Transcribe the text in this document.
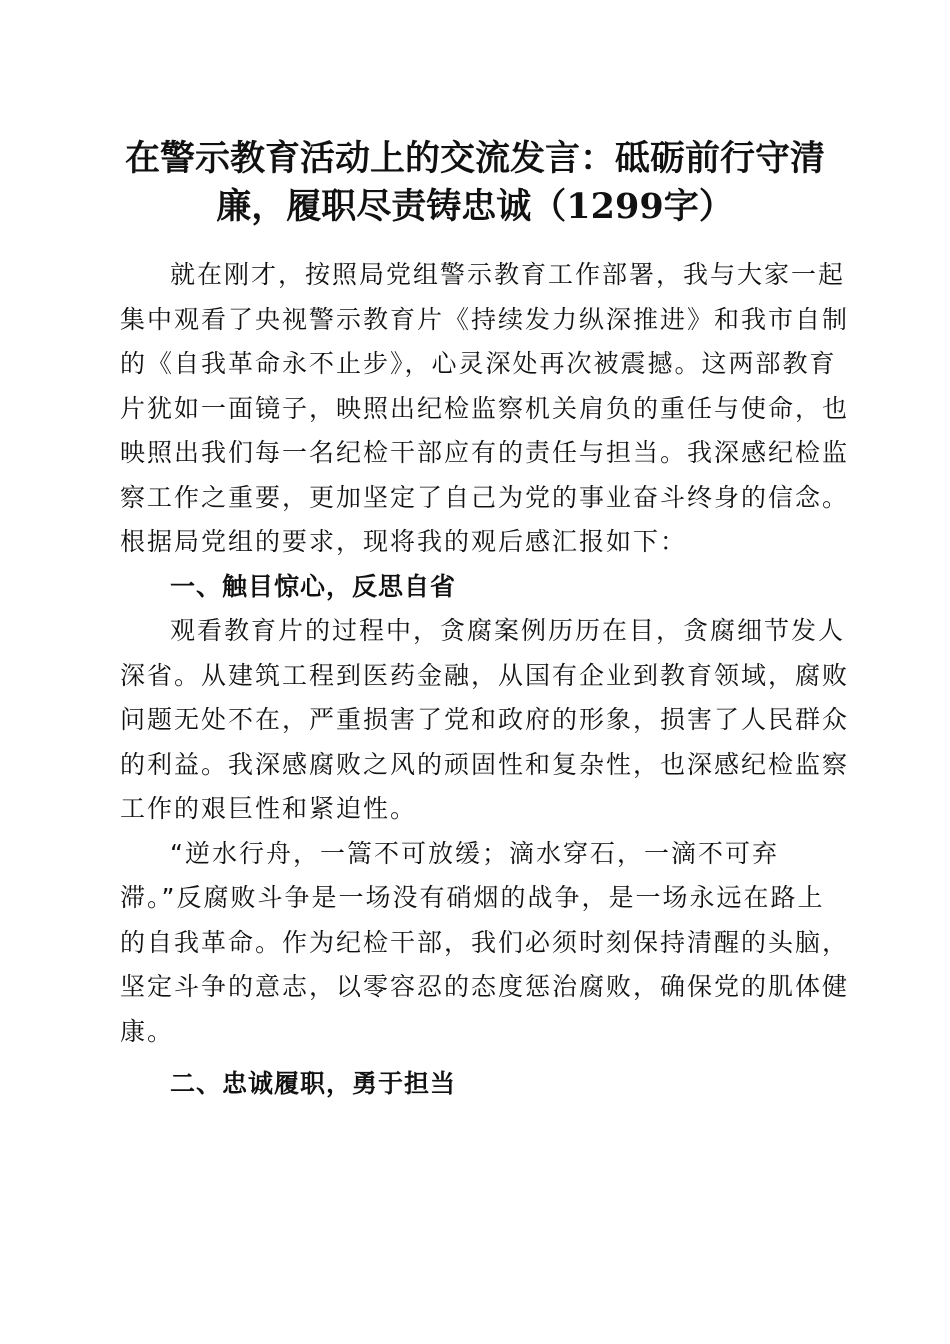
在警示教育活动上的交流发言：砥砺前行守清
廉，履职尽责铸忠诚（1299字）
就在刚才，按照局党组警示教育工作部署，我与大家一起
集中观看了央视警示教育片《持续发力纵深推进》和我市自制
的《自我革命永不止步》，心灵深处再次被震撼。这两部教育
片犹如一面镜子，映照出纪检监察机关肩负的重任与使命，也
映照出我们每一名纪检干部应有的责任与担当。我深感纪检监
察工作之重要，更加坚定了自己为党的事业奋斗终身的信念。
根据局党组的要求，现将我的观后感汇报如下：
一、触目惊心，反思自省
观看教育片的过程中，贪腐案例历历在目，贪腐细节发人
深省。从建筑工程到医药金融，从国有企业到教育领域，腐败
问题无处不在，严重损害了党和政府的形象，损害了人民群众
的利益。我深感腐败之风的顽固性和复杂性，也深感纪检监察
工作的艰巨性和紧迫性。
“逆水行舟，一篙不可放缓；滴水穿石，一滴不可弃
滞。”反腐败斗争是一场没有硝烟的战争，是一场永远在路上
的自我革命。作为纪检干部，我们必须时刻保持清醒的头脑，
坚定斗争的意志，以零容忍的态度惩治腐败，确保党的肌体健
康。
二、忠诚履职，勇于担当
